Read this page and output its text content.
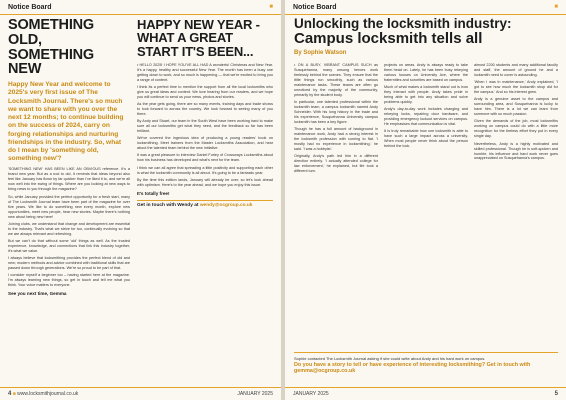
Notice Board	■
SOMETHING OLD, SOMETHING NEW
Happy New Year and welcome to 2025's very first issue of The Locksmith Journal. There's so much we want to share with you over the next 12 months; to continue building on the success of 2024, carry on forging relationships and nurturing friendships in the industry. So, what do I mean by 'something old, something new'?

'SOMETHING NEW' HAS BEEN LIKE AN OBVIOUS reference. It's a brand new year. But as a nod to old, it reminds that ideas beyond also feel like January has flown by far quicker than I've liked it to, and we're all now well into the swing of things. Where are you looking at new ways to bring news to you through the magazine?

So, while January provided the perfect opportunity for a fresh start, many of The Locksmith Journal team have been part of the magazine for over five years. We like to do something new every month, explore new opportunities, meet new people, hear new stories. Maybe there's nothing new about being new here!

Joining clubs, we understand that change and development are essential to the industry. That's what we strive for too, continually evolving so that we are always relevant and refreshing.

But we can't do that without some 'old' things as well. As the trusted experience, knowledge, and connections that link this industry together, it's what we value.

I always believe that locksmithing provides the perfect blend of old and new; modern methods and advice combined with traditional skills that are passed down through generations. We're so proud to be part of that.

I consider myself a beginner too – having started here at the magazine. I'm always learning new things, so get in touch and tell me what you think. Your voice matters to everyone.

See you next time, Gemma
HAPPY NEW YEAR - WHAT A GREAT START IT'S BEEN...

• HELLO 2025! I HOPE YOU'VE ALL HAD A wonderful Christmas and New Year. It's a happy, healthy and successful New Year. The month has been a busy one getting down to work, and so much is happening — that we're excited to bring you a range of content.

I think its a perfect time to mention the support from all the local locksmiths who give us great ideas and content. We love hearing from our readers, and we hope you will continue to send us your news, photos and stories.

As the year gets going, there are so many events, training days and trade shows to look forward to across the country. We look forward to seeing many of you there.

By Andy and Stuart, our team in the South West have been working hard to make sure all our locksmiths get what they need, and the feedback so far has been brilliant.

We've covered the ingenious idea of producing a young readers' book on locksmithing. Meet trainers from the Master Locksmiths Association, and hear about the talented team behind the new initiative.

It was a great pleasure to interview Daniel Furley of Crossways Locksmiths about how his business has developed and what's next for the team.

I think we can all agree that spreading a little positivity and supporting each other is what the locksmith community is all about. It's going to be a fantastic year.

By the time this edition lands, January will already be over, so let's look ahead with optimism. Here's to the year ahead, and we hope you enjoy this issue.

It's totally free!
Get in touch with Wendy at wendy@ocgroup.co.uk
4 ■ www.locksmithjournal.co.uk	JANUARY 2025
Notice Board	■
Unlocking the locksmith industry:
Campus locksmith tells all
By Sophie Watson

• ON A BUSY, VIBRANT CAMPUS SUCH as Susquehanna, many unsung heroes work tirelessly behind the scenes. They ensure that the little things run smoothly, such as various maintenance tasks. These teams are often go unnoticed by the majority of the community, primarily by the student body.

In particular, one talented professional within the locksmith team, a campus locksmith named Andy Schneider. With his long history in the trade and his experience, Susquehanna University campus locksmith has been a key figure.

Though he has a full amount of background in maintenance work, Andy had a strong interest in the locksmith profession with coming to flat. 'I mostly had no experience in locksmithing,' he said. 'I was a hobbyist.'

Originally, Andy's path led him in a different direction entirely. 'I actually attended college for law enforcement,' he explained, but life took a different turn.

projects on areas. Andy is always ready to take them head on. Lately, he has been busy rekeying various houses on University Ave, where the fraternities and sororities are based on campus.

Much of what makes a locksmith stand out is how they interact with people. Andy takes pride in being able to get into any situation and solve problems quickly.

Andy's day-to-day work includes changing and rekeying locks, repairing door hardware, and providing emergency lockout services on campus. He emphasises that communication is vital.

It is truly remarkable how one locksmith is able to have such a large impact across a university. When most people never think about the person behind the lock.

almost 2200 students and many additional faculty and staff, the amount of ground he and a locksmith need to cover is astounding.

'When I was in maintenance,' Andy explained, 'I got to see how much the locksmith shop did for the campus.' And so his interest grew.

Andy is a genuine asset to the campus and surrounding area, and Susquehanna is lucky to have him. There is a lot we can learn from someone with so much passion.

Given the demands of the job, most locksmiths working on campus could do with a little more recognition for the tireless effort they put in every single day.

Nevertheless, Andy is a highly motivated and skilled professional. Though he is soft-spoken and humble, his influence and hard work never goes unappreciated on Susquehanna's campus.

Sophie contacted The Locksmith Journal asking if she could write about Andy and his hard work on campus.
Do you have a story to tell or have experience of interesting locksmithing? Get in touch with gemma@ocgroup.co.uk
JANUARY 2025	5
